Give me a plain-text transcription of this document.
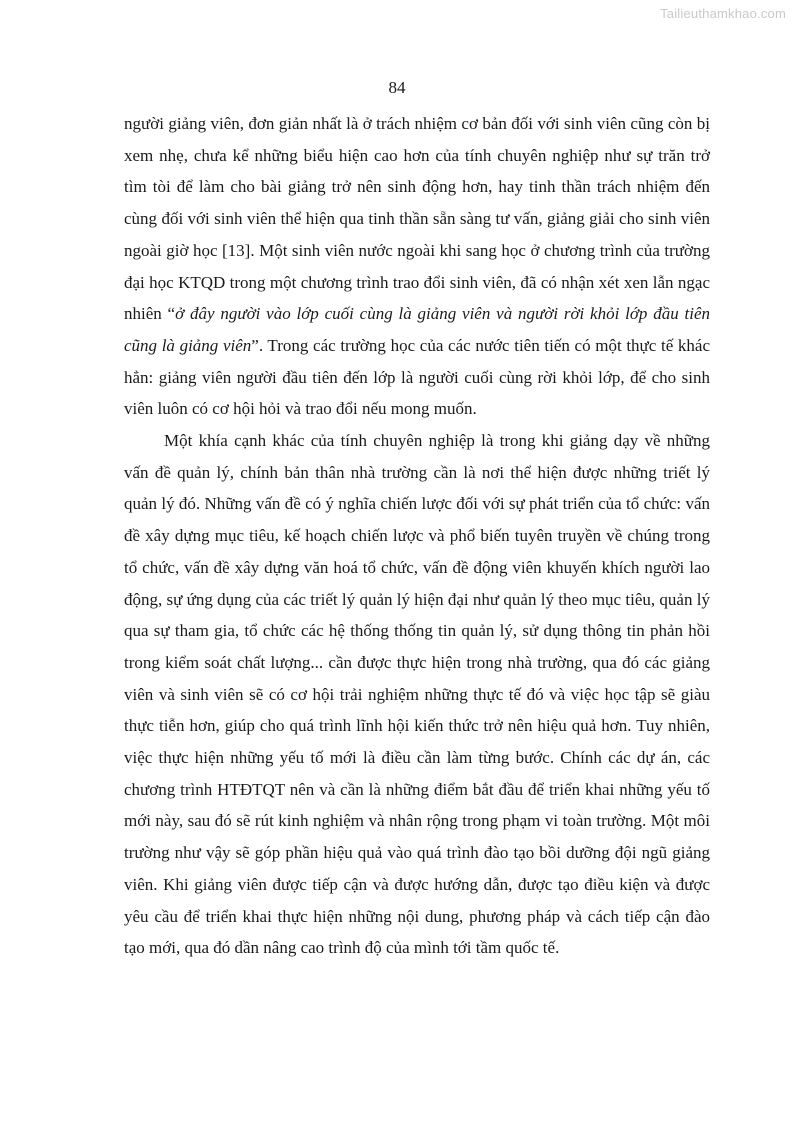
Tailieuthamkhao.com
84

người giảng viên, đơn giản nhất là ở trách nhiệm cơ bản đối với sinh viên cũng còn bị xem nhẹ, chưa kể những biểu hiện cao hơn của tính chuyên nghiệp như sự trăn trở tìm tòi để làm cho bài giảng trở nên sinh động hơn, hay tinh thần trách nhiệm đến cùng đối với sinh viên thể hiện qua tinh thần sẵn sàng tư vấn, giảng giải cho sinh viên ngoài giờ học [13]. Một sinh viên nước ngoài khi sang học ở chương trình của trường đại học KTQD trong một chương trình trao đổi sinh viên, đã có nhận xét xen lẫn ngạc nhiên “ở đây người vào lớp cuối cùng là giảng viên và người rời khỏi lớp đầu tiên cũng là giảng viên”. Trong các trường học của các nước tiên tiến có một thực tế khác hẳn: giảng viên người đầu tiên đến lớp là người cuối cùng rời khỏi lớp, để cho sinh viên luôn có cơ hội hỏi và trao đổi nếu mong muốn.

Một khía cạnh khác của tính chuyên nghiệp là trong khi giảng dạy về những vấn đề quản lý, chính bản thân nhà trường cần là nơi thể hiện được những triết lý quản lý đó. Những vấn đề có ý nghĩa chiến lược đối với sự phát triển của tổ chức: vấn đề xây dựng mục tiêu, kế hoạch chiến lược và phổ biến tuyên truyền về chúng trong tổ chức, vấn đề xây dựng văn hoá tổ chức, vấn đề động viên khuyến khích người lao động, sự ứng dụng của các triết lý quản lý hiện đại như quản lý theo mục tiêu, quản lý qua sự tham gia, tổ chức các hệ thống thống tin quản lý, sử dụng thông tin phản hồi trong kiểm soát chất lượng... cần được thực hiện trong nhà trường, qua đó các giảng viên và sinh viên sẽ có cơ hội trải nghiệm những thực tế đó và việc học tập sẽ giàu thực tiễn hơn, giúp cho quá trình lĩnh hội kiến thức trở nên hiệu quả hơn. Tuy nhiên, việc thực hiện những yếu tố mới là điều cần làm từng bước. Chính các dự án, các chương trình HTĐTQT nên và cần là những điểm bắt đầu để triển khai những yếu tố mới này, sau đó sẽ rút kinh nghiệm và nhân rộng trong phạm vi toàn trường. Một môi trường như vậy sẽ góp phần hiệu quả vào quá trình đào tạo bồi dưỡng đội ngũ giảng viên. Khi giảng viên được tiếp cận và được hướng dẫn, được tạo điều kiện và được yêu cầu để triển khai thực hiện những nội dung, phương pháp và cách tiếp cận đào tạo mới, qua đó dần nâng cao trình độ của mình tới tầm quốc tế.
